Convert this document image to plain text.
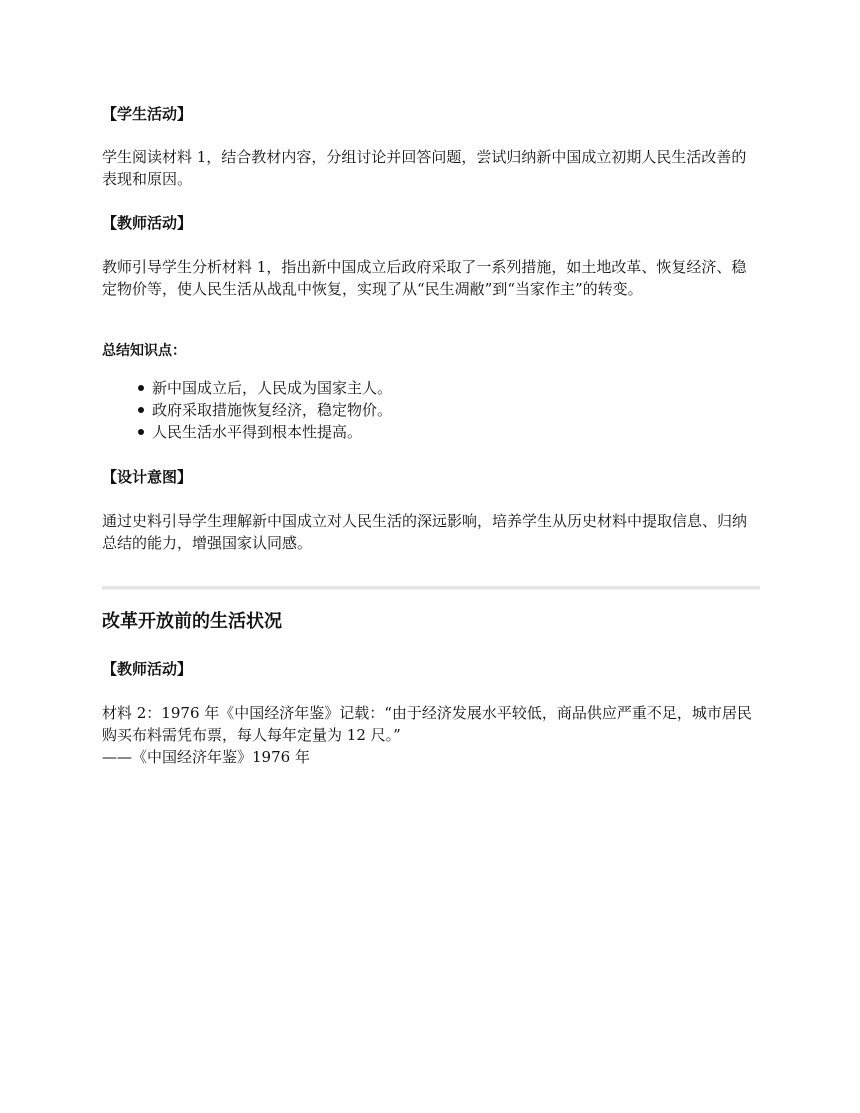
【学生活动】

学生阅读材料 1，结合教材内容，分组讨论并回答问题，尝试归纳新中国成立初期人民生活改善的表现和原因。

【教师活动】

教师引导学生分析材料 1，指出新中国成立后政府采取了一系列措施，如土地改革、恢复经济、稳定物价等，使人民生活从战乱中恢复，实现了从“民生凋敝”到“当家作主”的转变。

总结知识点：

新中国成立后，人民成为国家主人。
政府采取措施恢复经济，稳定物价。
人民生活水平得到根本性提高。
【设计意图】

通过史料引导学生理解新中国成立对人民生活的深远影响，培养学生从历史材料中提取信息、归纳总结的能力，增强国家认同感。

改革开放前的生活状况
【教师活动】

材料 2：1976 年《中国经济年鉴》记载：“由于经济发展水平较低，商品供应严重不足，城市居民购买布料需凭布票，每人每年定量为 12 尺。”

——《中国经济年鉴》1976 年
